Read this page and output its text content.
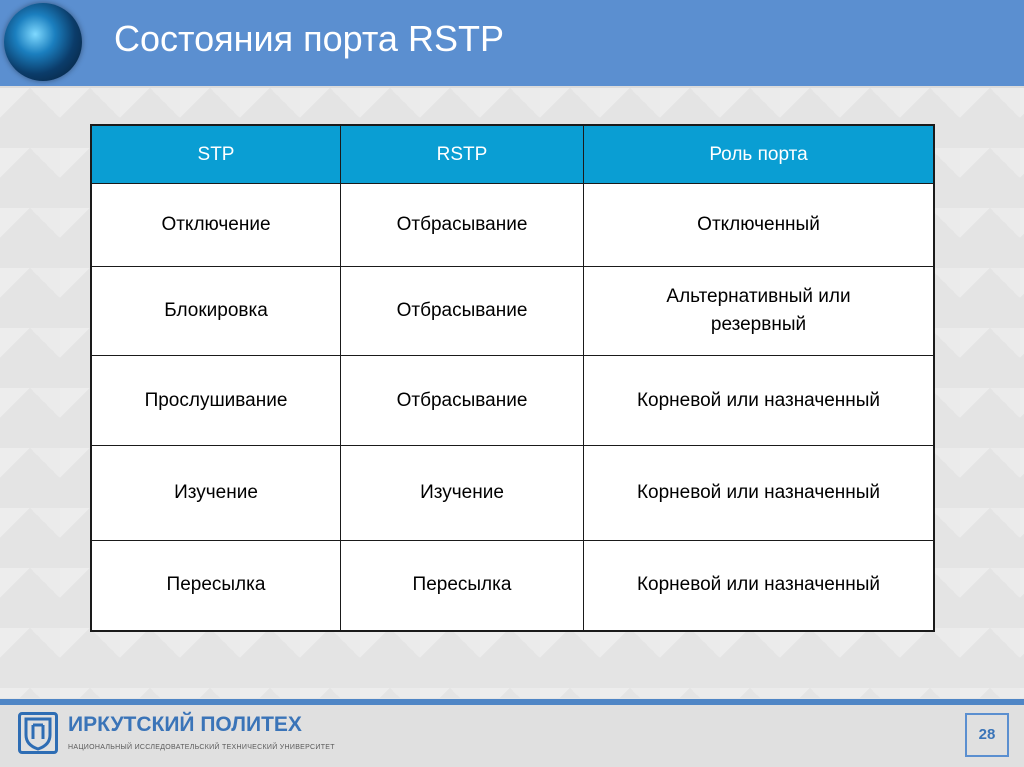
Состояния порта RSTP
STP	RSTP	Роль порта
Отключение	Отбрасывание	Отключенный
Блокировка	Отбрасывание	Альтернативный или резервный
Прослушивание	Отбрасывание	Корневой или назначенный
Изучение	Изучение	Корневой или назначенный
Пересылка	Пересылка	Корневой или назначенный
ИРКУТСКИЙ ПОЛИТЕХ
НАЦИОНАЛЬНЫЙ ИССЛЕДОВАТЕЛЬСКИЙ ТЕХНИЧЕСКИЙ УНИВЕРСИТЕТ
28
